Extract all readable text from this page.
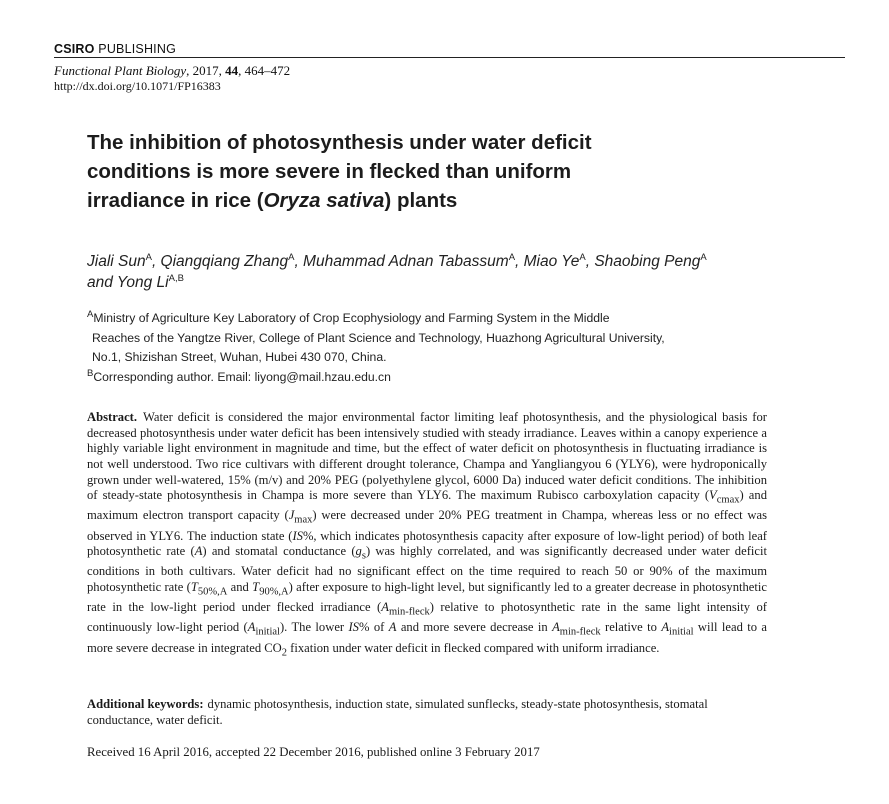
CSIRO PUBLISHING
Functional Plant Biology, 2017, 44, 464–472
http://dx.doi.org/10.1071/FP16383
The inhibition of photosynthesis under water deficit
conditions is more severe in flecked than uniform
irradiance in rice (Oryza sativa) plants
Jiali Sun$^A$, Qiangqiang Zhang$^A$, Muhammad Adnan Tabassum$^A$, Miao $Ye^A$, Shaobing Peng$^A$
and Yong $Li^{A,B}$
$^A$Ministry of Agriculture Key Laboratory of Crop Ecophysiology and Farming System in the Middle
Reaches of the Yangtze River, College of Plant Science and Technology, Huazhong Agricultural University,
No.1, Shizishan Street, Wuhan, Hubei 430 070, China.
$^B$Corresponding author. Email: liyong@mail.hzau.edu.cn
Abstract. Water deficit is considered the major environmental factor limiting leaf photosynthesis, and the physiological basis for decreased photosynthesis under water deficit has been intensively studied with steady irradiance. Leaves within a canopy experience a highly variable light environment in magnitude and time, but the effect of water deficit on photosynthesis in fluctuating irradiance is not well understood. Two rice cultivars with different drought tolerance, Champa and Yangliangyou 6 (YLY6), were hydroponically grown under well-watered, 15% (m/v) and 20% PEG (polyethylene glycol, 6000 Da) induced water deficit conditions. The inhibition of steady-state photosynthesis in Champa is more severe than YLY6. The maximum Rubisco carboxylation capacity $(V_{cmax})$ and maximum electron transport capacity $(J_{max})$ were decreased under 20% PEG treatment in Champa, whereas less or no effect was observed in YLY6. The induction state (IS%, which indicates photosynthesis capacity after exposure of low-light period) of both leaf photosynthetic rate (A) and stomatal conductance $(g_s)$ was highly correlated, and was significantly decreased under water deficit conditions in both cultivars. Water deficit had no significant effect on the time required to reach 50 or 90% of the maximum photosynthetic rate ($T_{50\%,A}$ and $T_{90\%,A}$) after exposure to high-light level, but significantly led to a greater decrease in photosynthetic rate in the low-light period under flecked irradiance $(A_{min-fleck})$ relative to photosynthetic rate in the same light intensity of continuously low-light period $(A_{initial})$. The lower IS% of A and more severe decrease in $A_{min-fleck}$ relative to $A_{initial}$ will lead to a more severe decrease in integrated $CO_2$ fixation under water deficit in flecked compared with uniform irradiance.
Additional keywords: dynamic photosynthesis, induction state, simulated sunflecks, steady-state photosynthesis, stomatal conductance, water deficit.
Received 16 April 2016, accepted 22 December 2016, published online 3 February 2017
